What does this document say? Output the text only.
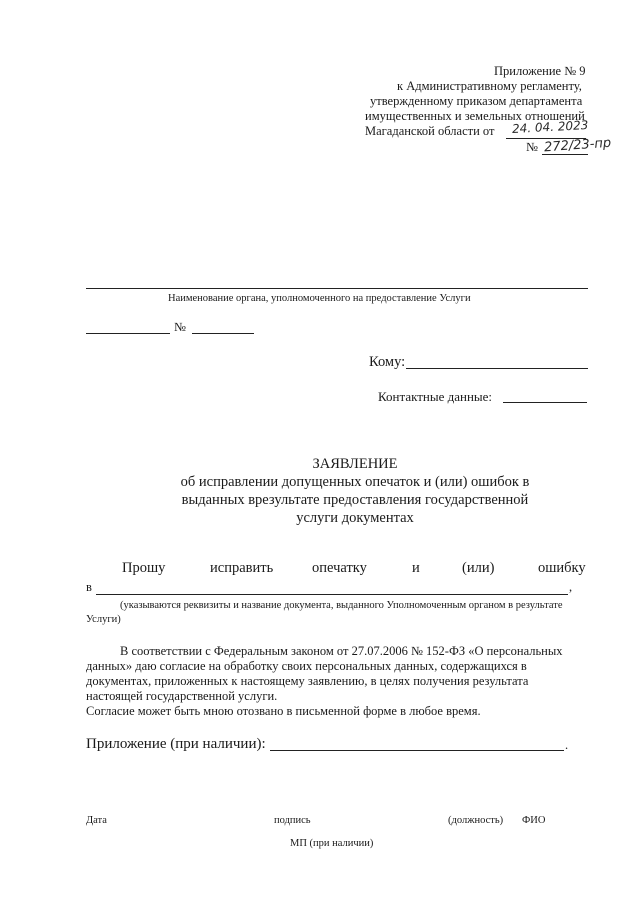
Приложение № 9
к Административному регламенту,
утвержденному приказом департамента
имущественных и земельных отношений
Магаданской области от 24. 04. 2023
№ 272/23-пр
Наименование органа, уполномоченного на предоставление Услуги
№
Кому:
Контактные данные:
ЗАЯВЛЕНИЕ
об исправлении допущенных опечаток и (или) ошибок в
выданных врезультате предоставления государственной
услуги документах
Прошу	исправить	опечатку	и	(или)	ошибку
в	,
(указываются реквизиты и название документа, выданного Уполномоченным органом в результате
Услуги)
В соответствии с Федеральным законом от 27.07.2006 № 152-ФЗ «О персональных
данных» даю согласие на обработку своих персональных данных, содержащихся в
документах, приложенных к настоящему заявлению, в целях получения результата
настоящей государственной услуги.
Согласие может быть мною отозвано в письменной форме в любое время.
Приложение (при наличии):	.
Дата	подпись	(должность) ФИО
МП (при наличии)
